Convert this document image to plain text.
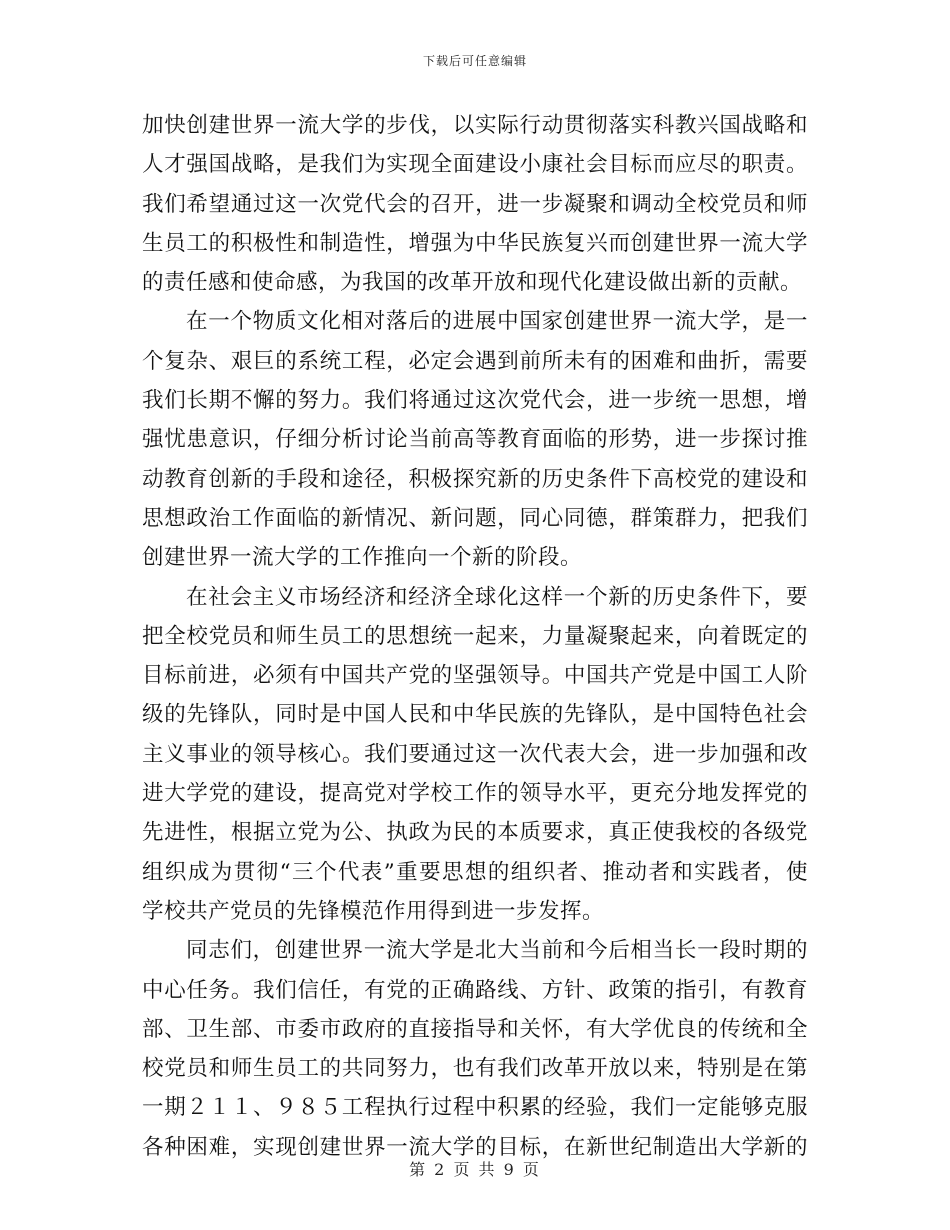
下载后可任意编辑
加快创建世界一流大学的步伐，以实际行动贯彻落实科教兴国战略和
人才强国战略，是我们为实现全面建设小康社会目标而应尽的职责。
我们希望通过这一次党代会的召开，进一步凝聚和调动全校党员和师
生员工的积极性和制造性，增强为中华民族复兴而创建世界一流大学
的责任感和使命感，为我国的改革开放和现代化建设做出新的贡献。
在一个物质文化相对落后的进展中国家创建世界一流大学，是一
个复杂、艰巨的系统工程，必定会遇到前所未有的困难和曲折，需要
我们长期不懈的努力。我们将通过这次党代会，进一步统一思想，增
强忧患意识，仔细分析讨论当前高等教育面临的形势，进一步探讨推
动教育创新的手段和途径，积极探究新的历史条件下高校党的建设和
思想政治工作面临的新情况、新问题，同心同德，群策群力，把我们
创建世界一流大学的工作推向一个新的阶段。
在社会主义市场经济和经济全球化这样一个新的历史条件下，要
把全校党员和师生员工的思想统一起来，力量凝聚起来，向着既定的
目标前进，必须有中国共产党的坚强领导。中国共产党是中国工人阶
级的先锋队，同时是中国人民和中华民族的先锋队，是中国特色社会
主义事业的领导核心。我们要通过这一次代表大会，进一步加强和改
进大学党的建设，提高党对学校工作的领导水平，更充分地发挥党的
先进性，根据立党为公、执政为民的本质要求，真正使我校的各级党
组织成为贯彻“三个代表”重要思想的组织者、推动者和实践者，使
学校共产党员的先锋模范作用得到进一步发挥。
同志们，创建世界一流大学是北大当前和今后相当长一段时期的
中心任务。我们信任，有党的正确路线、方针、政策的指引，有教育
部、卫生部、市委市政府的直接指导和关怀，有大学优良的传统和全
校党员和师生员工的共同努力，也有我们改革开放以来，特别是在第
一期２１１、９８５工程执行过程中积累的经验，我们一定能够克服
各种困难，实现创建世界一流大学的目标，在新世纪制造出大学新的
第 2 页 共 9 页
